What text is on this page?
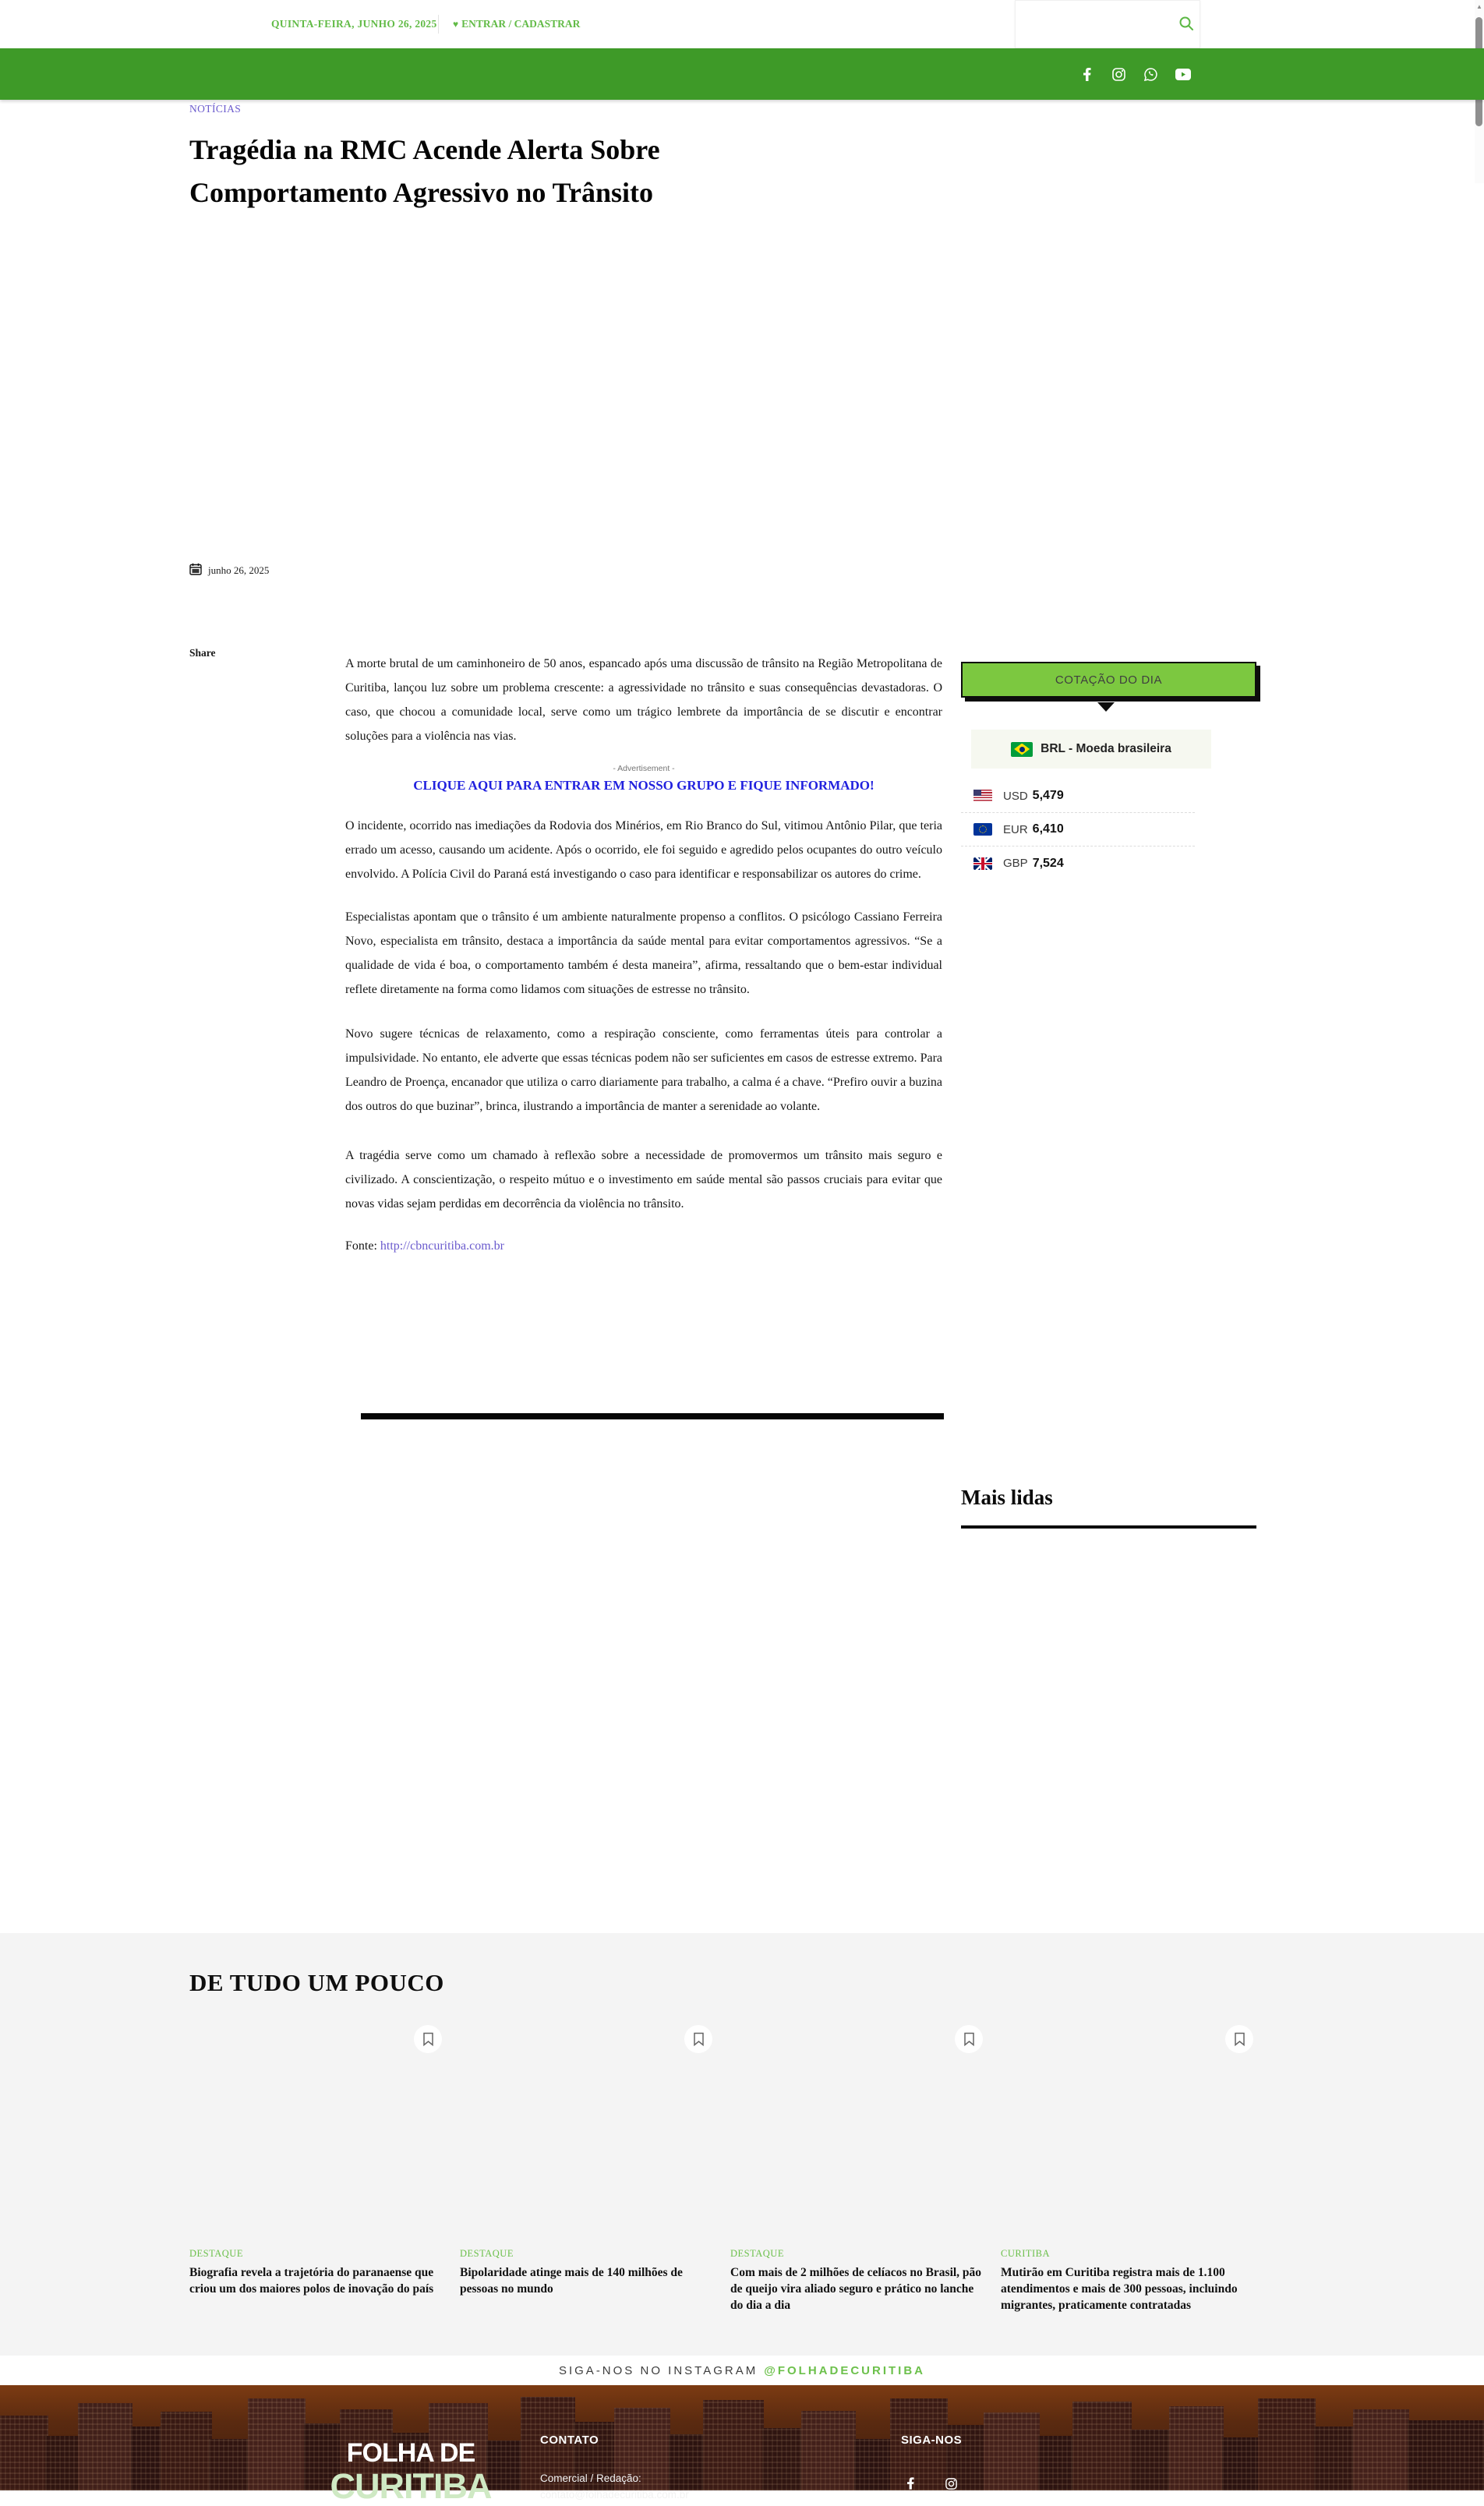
QUINTA-FEIRA, JUNHO 26, 2025 ♥ ENTRAR / CADASTRAR
▲
NOTÍCIAS
Tragédia na RMC Acende Alerta Sobre Comportamento Agressivo no Trânsito
junho 26, 2025
Share

A morte brutal de um caminhoneiro de 50 anos, espancado após uma discussão de trânsito na Região Metropolitana de Curitiba, lançou luz sobre um problema crescente: a agressividade no trânsito e suas consequências devastadoras. O caso, que chocou a comunidade local, serve como um trágico lembrete da importância de se discutir e encontrar soluções para a violência nas vias.

- Advertisement -

CLIQUE AQUI PARA ENTRAR EM NOSSO GRUPO E FIQUE INFORMADO!

O incidente, ocorrido nas imediações da Rodovia dos Minérios, em Rio Branco do Sul, vitimou Antônio Pilar, que teria errado um acesso, causando um acidente. Após o ocorrido, ele foi seguido e agredido pelos ocupantes do outro veículo envolvido. A Polícia Civil do Paraná está investigando o caso para identificar e responsabilizar os autores do crime.

Especialistas apontam que o trânsito é um ambiente naturalmente propenso a conflitos. O psicólogo Cassiano Ferreira Novo, especialista em trânsito, destaca a importância da saúde mental para evitar comportamentos agressivos. “Se a qualidade de vida é boa, o comportamento também é desta maneira”, afirma, ressaltando que o bem-estar individual reflete diretamente na forma como lidamos com situações de estresse no trânsito.

Novo sugere técnicas de relaxamento, como a respiração consciente, como ferramentas úteis para controlar a impulsividade. No entanto, ele adverte que essas técnicas podem não ser suficientes em casos de estresse extremo. Para Leandro de Proença, encanador que utiliza o carro diariamente para trabalho, a calma é a chave. “Prefiro ouvir a buzina dos outros do que buzinar”, brinca, ilustrando a importância de manter a serenidade ao volante.

A tragédia serve como um chamado à reflexão sobre a necessidade de promovermos um trânsito mais seguro e civilizado. A conscientização, o respeito mútuo e o investimento em saúde mental são passos cruciais para evitar que novas vidas sejam perdidas em decorrência da violência no trânsito.

Fonte: http://cbncuritiba.com.br

COTAÇÃO DO DIA
BRL - Moeda brasileira
USD 5,479
EUR 6,410
GBP 7,524
Mais lidas
DE TUDO UM POUCO
DESTAQUE
Biografia revela a trajetória do paranaense que criou um dos maiores polos de inovação do país
DESTAQUE
Bipolaridade atinge mais de 140 milhões de pessoas no mundo
DESTAQUE
Com mais de 2 milhões de celíacos no Brasil, pão de queijo vira aliado seguro e prático no lanche do dia a dia
CURITIBA
Mutirão em Curitiba registra mais de 1.100 atendimentos e mais de 300 pessoas, incluindo migrantes, praticamente contratadas
SIGA-NOS NO INSTAGRAM @FOLHADECURITIBA
FOLHA DE
CURITIBA
CONTATO
Comercial / Redação:
contato@folhadecuritiba.com.br
SIGA-NOS
